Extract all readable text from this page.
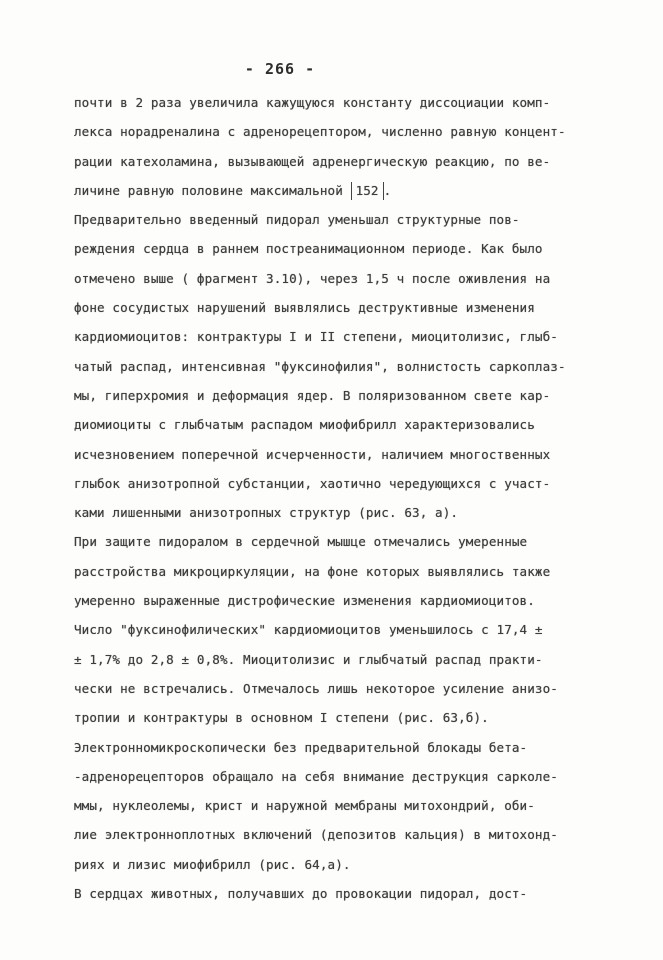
- 266 -
почти в 2 раза увеличила кажущуюся константу диссоциации комп-
лекса норадреналина с адренорецептором, численно равную концент-
рации катехоламина, вызывающей адренергическую реакцию, по ве-
личине равную половине максимальной 152 .
Предварительно введенный пидорал уменьшал структурные пов-
реждения сердца в раннем постреанимационном периоде. Как было
отмечено выше ( фрагмент 3.10), через 1,5 ч после оживления на
фоне сосудистых нарушений выявлялись деструктивные изменения
кардиомиоцитов: контрактуры I и II степени, миоцитолизис, глыб-
чатый распад, интенсивная "фуксинофилия", волнистость саркоплаз-
мы, гиперхромия и деформация ядер. В поляризованном свете кар-
диомиоциты с глыбчатым распадом миофибрилл характеризовались
исчезновением поперечной исчерченности, наличием многоственных
глыбок анизотропной субстанции, хаотично чередующихся с участ-
ками лишенными анизотропных структур (рис. 63, а).
При защите пидоралом в сердечной мышце отмечались умеренные
расстройства микроциркуляции, на фоне которых выявлялись также
умеренно выраженные дистрофические изменения кардиомиоцитов.
Число "фуксинофилических" кардиомиоцитов уменьшилось с 17,4 ±
± 1,7% до 2,8 ± 0,8%. Миоцитолизис и глыбчатый распад практи-
чески не встречались. Отмечалось лишь некоторое усиление анизо-
тропии и контрактуры в основном I степени (рис. 63,б).
Электронномикроскопически без предварительной блокады бета-
-адренорецепторов обращало на себя внимание деструкция сарколе-
ммы, нуклеолемы, крист и наружной мембраны митохондрий, оби-
лие электронноплотных включений (депозитов кальция) в митохонд-
риях и лизис миофибрилл (рис. 64,а).
В сердцах животных, получавших до провокации пидорал, дост-
